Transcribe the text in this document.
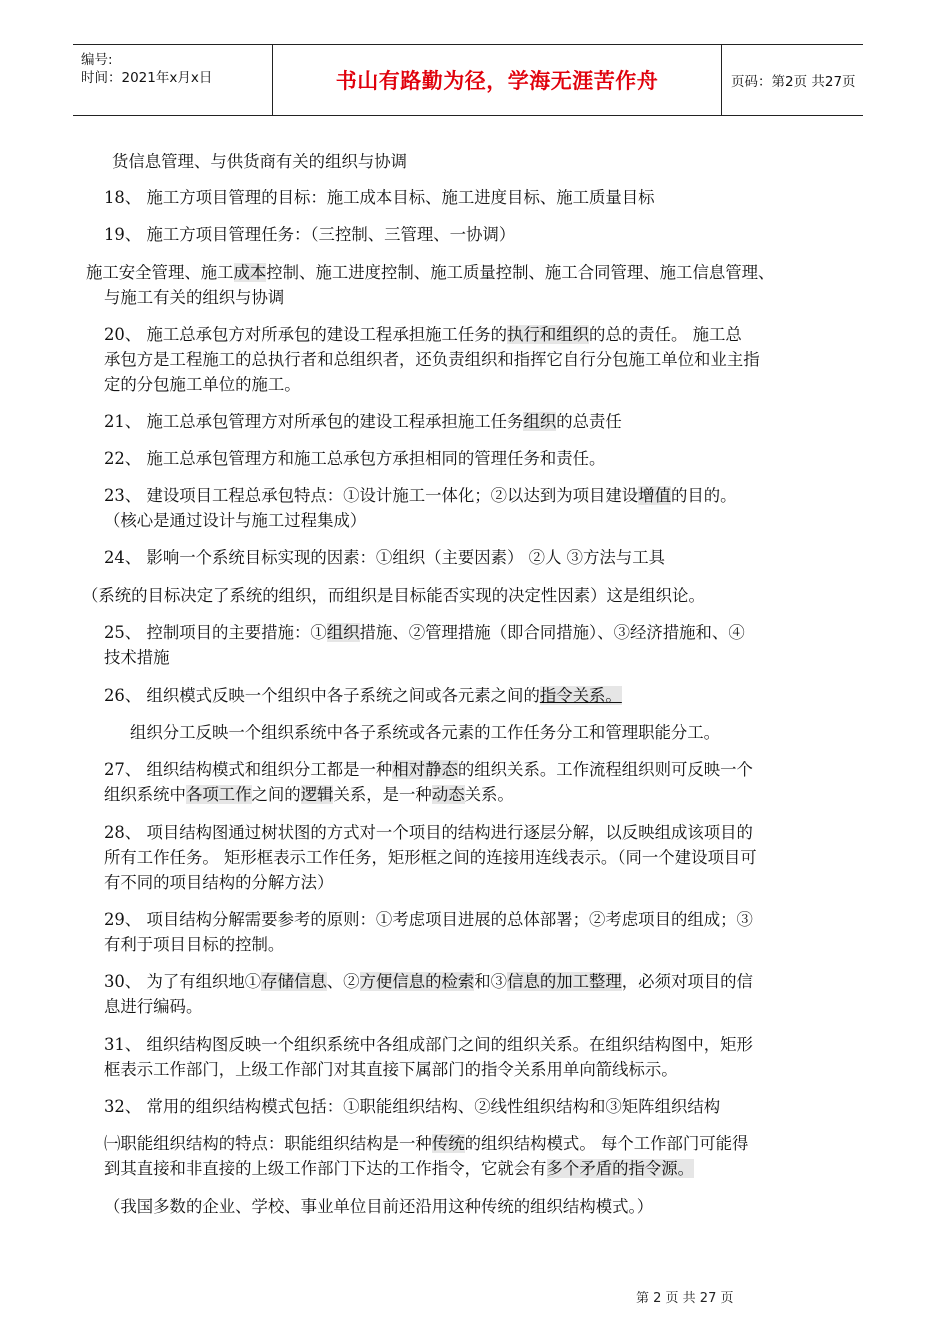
编号:
时间：2021年x月x日	书山有路勤为径，学海无涯苦作舟	页码：第2页 共27页

货信息管理、与供货商有关的组织与协调

18、 施工方项目管理的目标：施工成本目标、施工进度目标、施工质量目标

19、 施工方项目管理任务：（三控制、三管理、一协调）

施工安全管理、施工成本控制、施工进度控制、施工质量控制、施工合同管理、施工信息管理、

与施工有关的组织与协调

20、 施工总承包方对所承包的建设工程承担施工任务的执行和组织的总的责任。 施工总

承包方是工程施工的总执行者和总组织者，还负责组织和指挥它自行分包施工单位和业主指

定的分包施工单位的施工。

21、 施工总承包管理方对所承包的建设工程承担施工任务组织的总责任

22、 施工总承包管理方和施工总承包方承担相同的管理任务和责任。

23、 建设项目工程总承包特点：①设计施工一体化；②以达到为项目建设增值的目的。

（核心是通过设计与施工过程集成）

24、 影响一个系统目标实现的因素：①组织（主要因素） ②人 ③方法与工具

（系统的目标决定了系统的组织，而组织是目标能否实现的决定性因素）这是组织论。

25、 控制项目的主要措施：①组织措施、②管理措施（即合同措施）、③经济措施和、④

技术措施

26、 组织模式反映一个组织中各子系统之间或各元素之间的指令关系。

组织分工反映一个组织系统中各子系统或各元素的工作任务分工和管理职能分工。

27、 组织结构模式和组织分工都是一种相对静态的组织关系。工作流程组织则可反映一个

组织系统中各项工作之间的逻辑关系，是一种动态关系。

28、 项目结构图通过树状图的方式对一个项目的结构进行逐层分解，以反映组成该项目的

所有工作任务。 矩形框表示工作任务，矩形框之间的连接用连线表示。（同一个建设项目可

有不同的项目结构的分解方法）

29、 项目结构分解需要参考的原则：①考虑项目进展的总体部署；②考虑项目的组成；③

有利于项目目标的控制。

30、 为了有组织地①存储信息、②方便信息的检索和③信息的加工整理，必须对项目的信

息进行编码。

31、 组织结构图反映一个组织系统中各组成部门之间的组织关系。在组织结构图中，矩形

框表示工作部门，上级工作部门对其直接下属部门的指令关系用单向箭线标示。

32、 常用的组织结构模式包括：①职能组织结构、②线性组织结构和③矩阵组织结构

㈠职能组织结构的特点：职能组织结构是一种传统的组织结构模式。 每个工作部门可能得

到其直接和非直接的上级工作部门下达的工作指令，它就会有多个矛盾的指令源。

（我国多数的企业、学校、事业单位目前还沿用这种传统的组织结构模式。）

第 2 页 共 27 页
